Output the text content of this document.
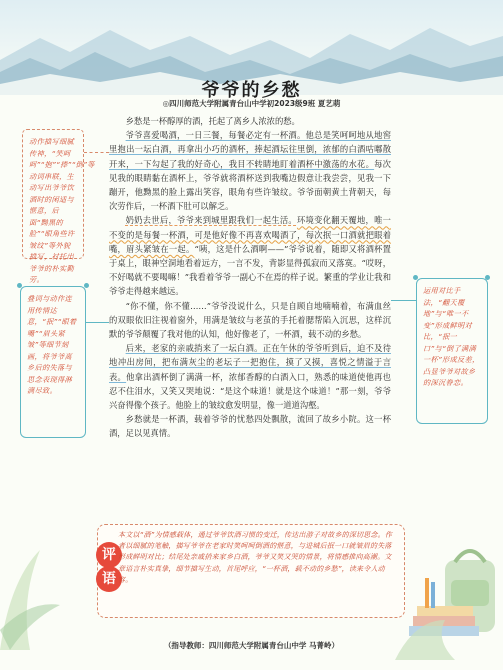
爷爷的乡愁
◎四川师范大学附属青台山中学初2023级9班 夏艺萌

乡愁是一杯醇厚的酒，托起了离乡人浓浓的愁。

爷爷喜爱喝酒，一日三餐，每餐必定有一杯酒。他总是笑呵呵地从地窖里抱出一坛白酒，再拿出小巧的酒杯，捧起酒坛往里倒，浓郁的白酒咕嘟散开来，一下勾起了我的好奇心，我目不转睛地盯着酒杯中激荡的水花。每次见我的眼睛黏在酒杯上，爷爷就将酒杯送到我嘴边假意让我尝尝，见我一下蹦开，他黝黑的脸上露出笑容，眼角有些许皱纹。爷爷面朝黄土背朝天，每次劳作后，一杯酒下肚可以解乏。

奶奶去世后，爷爷来到城里跟我们一起生活。环境变化翻天覆地，唯一不变的是每餐一杯酒，可是他好像不再喜欢喝酒了，每次抿一口酒就把眼着嘴，眉头紧皱在一起。“咦，这是什么酒啊——”爷爷说着，随即又将酒杯置于桌上，眼神空洞地看着远方，一言不发，背影显得孤寂而又落寞。“哎呀，不好喝就不要喝嘛！”我看着爷爷一副心不在焉的样子说。繁重的学业让我和爷爷走得越来越远。

“你不懂，你不懂……”爷爷没说什么，只是自顾自地喃喃着，布满血丝的双眼依旧注视着窗外，用满是皱纹与老茧的手托着腮帮陷入沉思，这样沉默的爷爷颠覆了我对他的认知，他好像老了，一杯酒，载不动的乡愁。

后来，老家的亲戚捎来了一坛白酒。正在午休的爷爷听到后，迫不及待地冲出房间，把布满灰尘的老坛子一把抱住，摸了又摸，喜悦之情溢于言表。他拿出酒杯倒了满满一杯，浓郁香醇的白酒入口，熟悉的味道使他再也忍不住泪水，又笑又哭地说：“是这个味道！就是这个味道！”那一刻，爷爷兴奋得像个孩子。他脸上的皱纹愈发明显，像一道道沟壑。

乡愁就是一杯酒，载着爷爷的忧愁四处飘散，流回了故乡小院。这一杯酒，足以见真情。

动作描写细腻传神，“笑呵呵”“抱”“捧”“倒”等动词串联，生动写出爷爷饮酒时的闲适与惬意，后面“黝黑的脸”“眼角些许皱纹”等外貌描写，衬托出爷爷的朴实勤劳。
叠词与动作连用传情达意，“抿”“眼着嘴”“眉头紧皱”等细节刻画，将爷爷离乡后的失落与思念表现得淋漓尽致。
运用对比手法，“翻天覆地”与“唯一不变”形成鲜明对比，“抿一口”与“倒了满满一杯”形成反差，凸显爷爷对故乡的深沉眷恋。
评
语
本文以“酒”为情感载体，通过爷爷饮酒习惯的变迁，传达出游子对故乡的深切思念。作者以细腻的笔触，描写爷爷在老家时笑呵呵倒酒的惬意，与进城后抿一口就皱眉的失落形成鲜明对比；结尾处亲戚捎来家乡白酒，爷爷又笑又哭的情景，将情感推向高潮。文章语言朴实真挚，细节描写生动，首尾呼应，“一杯酒，载不动的乡愁”，读来令人动容。
（指导教师：四川师范大学附属青台山中学 马菁岭）
